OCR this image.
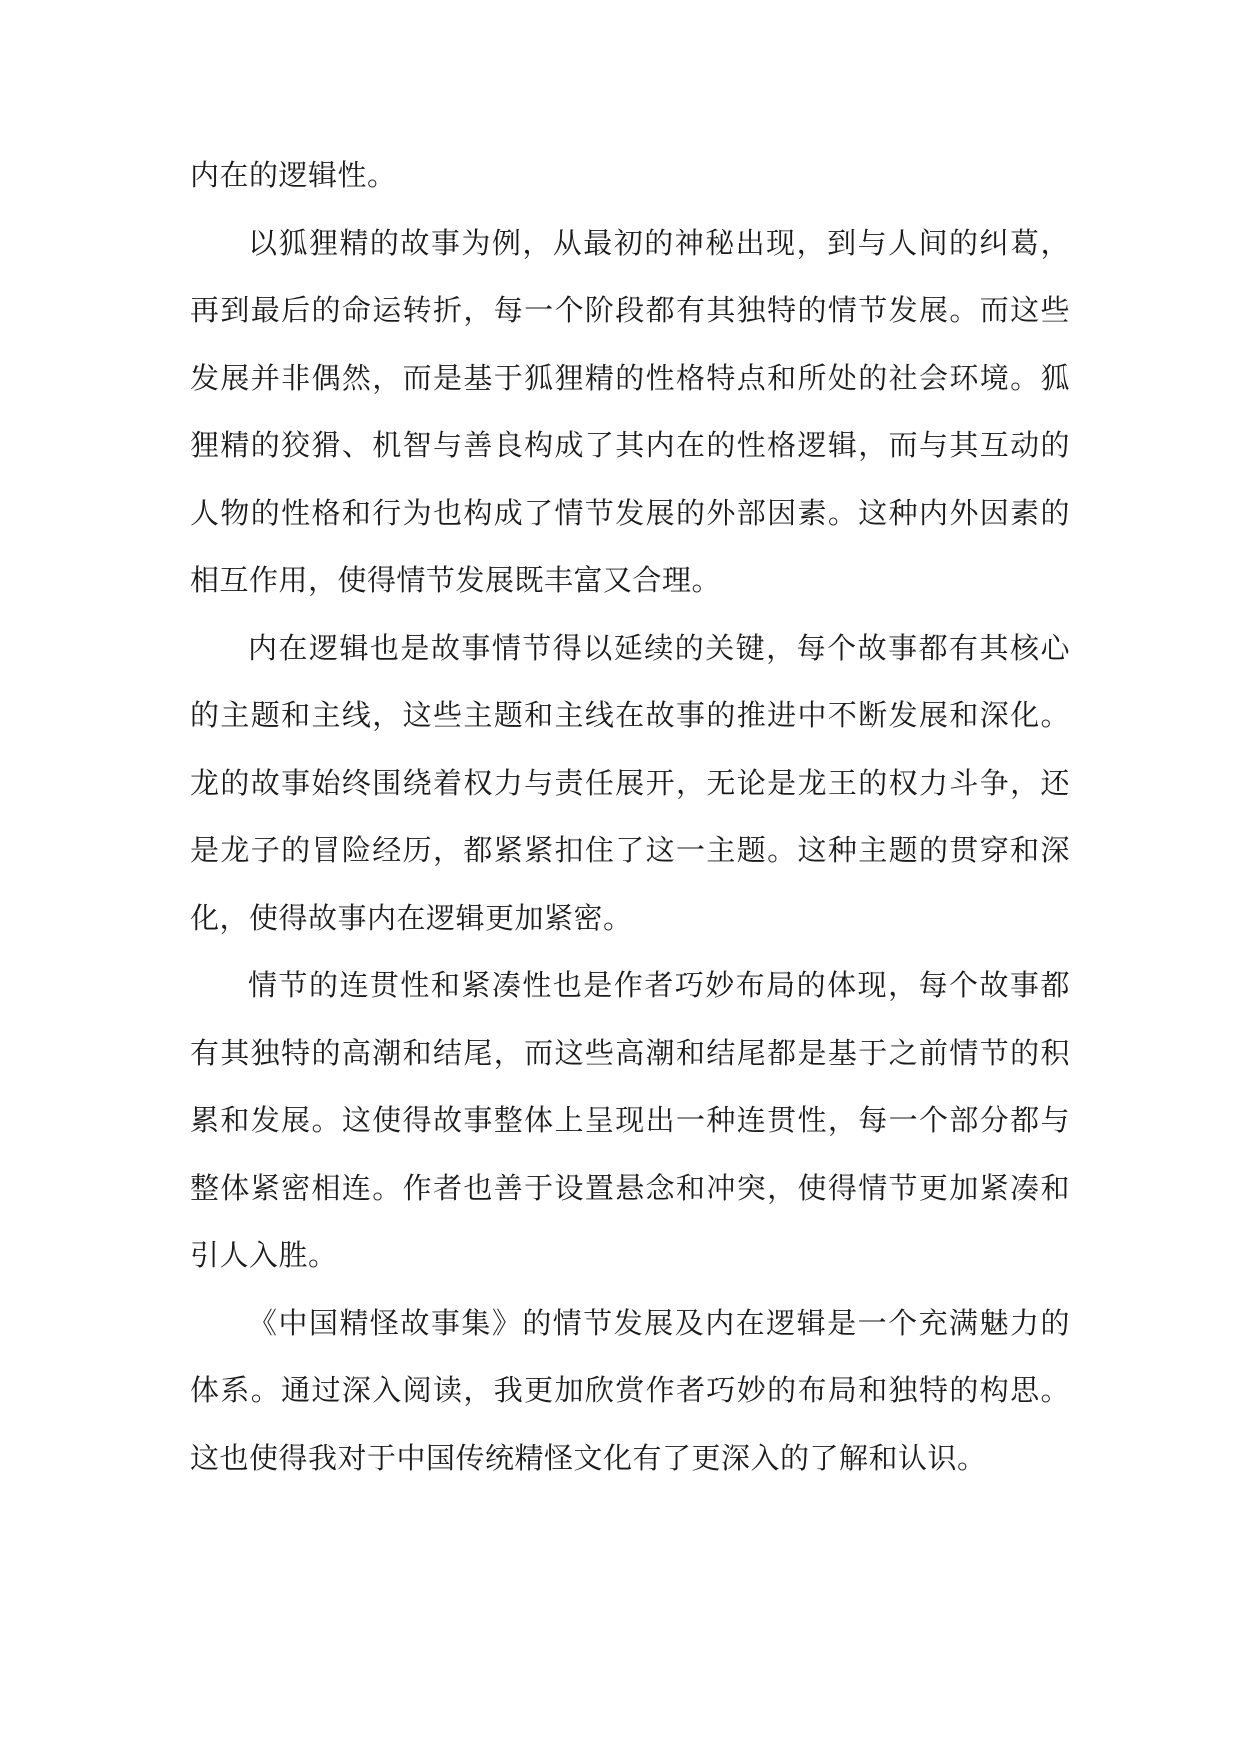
内在的逻辑性。

以狐狸精的故事为例，从最初的神秘出现，到与人间的纠葛，再到最后的命运转折，每一个阶段都有其独特的情节发展。而这些发展并非偶然，而是基于狐狸精的性格特点和所处的社会环境。狐狸精的狡猾、机智与善良构成了其内在的性格逻辑，而与其互动的人物的性格和行为也构成了情节发展的外部因素。这种内外因素的相互作用，使得情节发展既丰富又合理。

内在逻辑也是故事情节得以延续的关键，每个故事都有其核心的主题和主线，这些主题和主线在故事的推进中不断发展和深化。龙的故事始终围绕着权力与责任展开，无论是龙王的权力斗争，还是龙子的冒险经历，都紧紧扣住了这一主题。这种主题的贯穿和深化，使得故事内在逻辑更加紧密。

情节的连贯性和紧凑性也是作者巧妙布局的体现，每个故事都有其独特的高潮和结尾，而这些高潮和结尾都是基于之前情节的积累和发展。这使得故事整体上呈现出一种连贯性，每一个部分都与整体紧密相连。作者也善于设置悬念和冲突，使得情节更加紧凑和引人入胜。

《中国精怪故事集》的情节发展及内在逻辑是一个充满魅力的体系。通过深入阅读，我更加欣赏作者巧妙的布局和独特的构思。这也使得我对于中国传统精怪文化有了更深入的了解和认识。
